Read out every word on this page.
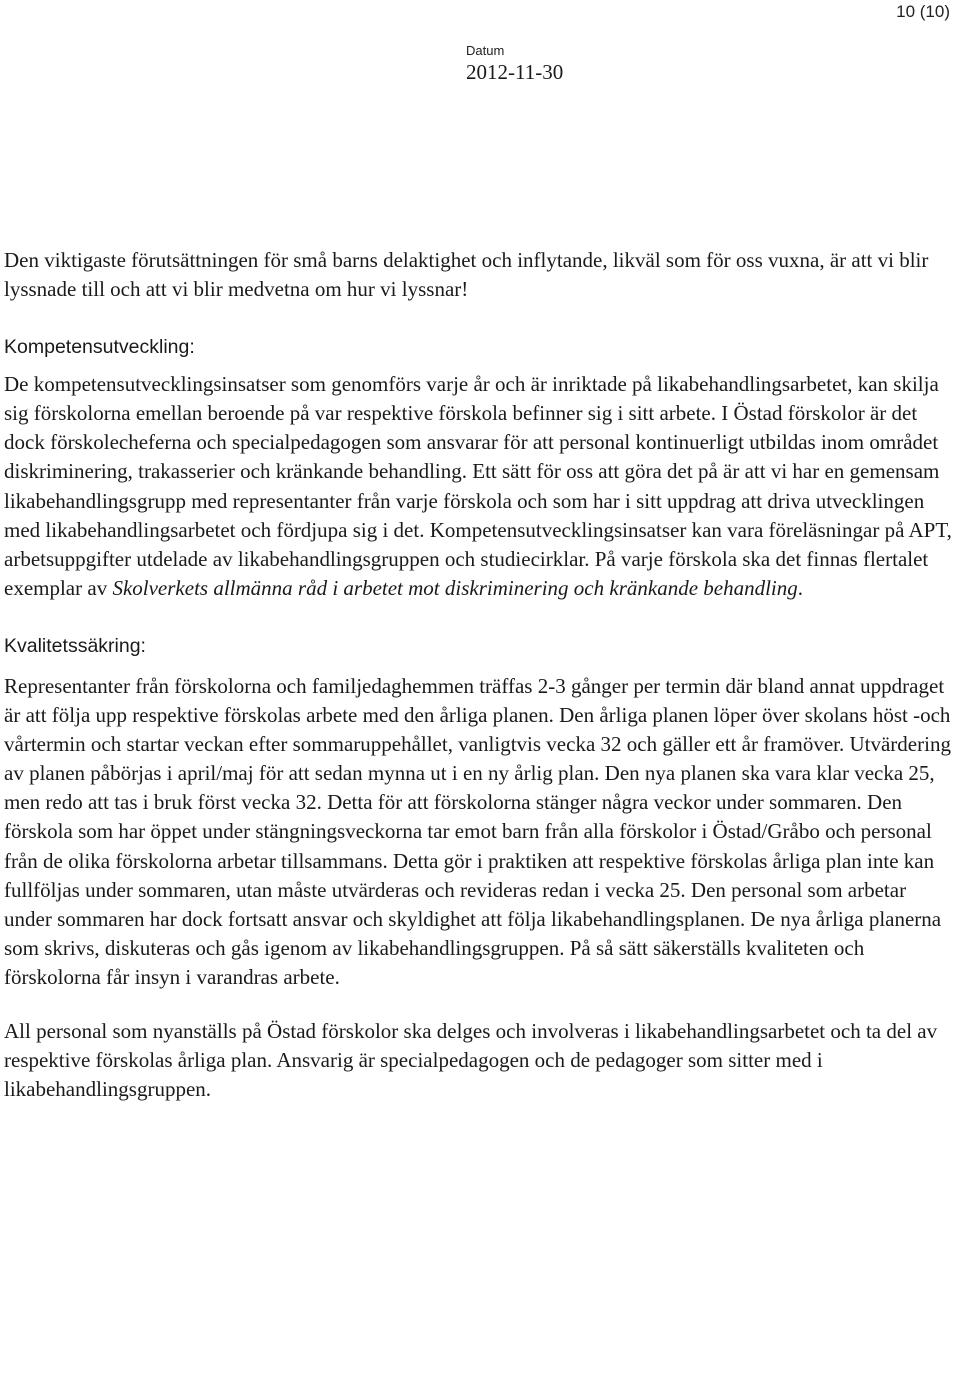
10 (10)
Datum
2012-11-30

Den viktigaste förutsättningen för små barns delaktighet och inflytande, likväl som för oss vuxna, är att vi blir lyssnade till och att vi blir medvetna om hur vi lyssnar!

Kompetensutveckling:

De kompetensutvecklingsinsatser som genomförs varje år och är inriktade på likabehandlingsarbetet, kan skilja sig förskolorna emellan beroende på var respektive förskola befinner sig i sitt arbete. I Östad förskolor är det dock förskolecheferna och specialpedagogen som ansvarar för att personal kontinuerligt utbildas inom området diskriminering, trakasserier och kränkande behandling. Ett sätt för oss att göra det på är att vi har en gemensam likabehandlingsgrupp med representanter från varje förskola och som har i sitt uppdrag att driva utvecklingen med likabehandlingsarbetet och fördjupa sig i det. Kompetensutvecklingsinsatser kan vara föreläsningar på APT, arbetsuppgifter utdelade av likabehandlingsgruppen och studiecirklar. På varje förskola ska det finnas flertalet exemplar av Skolverkets allmänna råd i arbetet mot diskriminering och kränkande behandling.

Kvalitetssäkring:

Representanter från förskolorna och familjedaghemmen träffas 2-3 gånger per termin där bland annat uppdraget är att följa upp respektive förskolas arbete med den årliga planen. Den årliga planen löper över skolans höst -och vårtermin och startar veckan efter sommaruppehållet, vanligtvis vecka 32 och gäller ett år framöver. Utvärdering av planen påbörjas i april/maj för att sedan mynna ut i en ny årlig plan. Den nya planen ska vara klar vecka 25, men redo att tas i bruk först vecka 32. Detta för att förskolorna stänger några veckor under sommaren. Den förskola som har öppet under stängningsveckorna tar emot barn från alla förskolor i Östad/Gråbo och personal från de olika förskolorna arbetar tillsammans. Detta gör i praktiken att respektive förskolas årliga plan inte kan fullföljas under sommaren, utan måste utvärderas och revideras redan i vecka 25. Den personal som arbetar under sommaren har dock fortsatt ansvar och skyldighet att följa likabehandlingsplanen. De nya årliga planerna som skrivs, diskuteras och gås igenom av likabehandlingsgruppen. På så sätt säkerställs kvaliteten och förskolorna får insyn i varandras arbete.

All personal som nyanställs på Östad förskolor ska delges och involveras i likabehandlingsarbetet och ta del av respektive förskolas årliga plan. Ansvarig är specialpedagogen och de pedagoger som sitter med i likabehandlingsgruppen.
